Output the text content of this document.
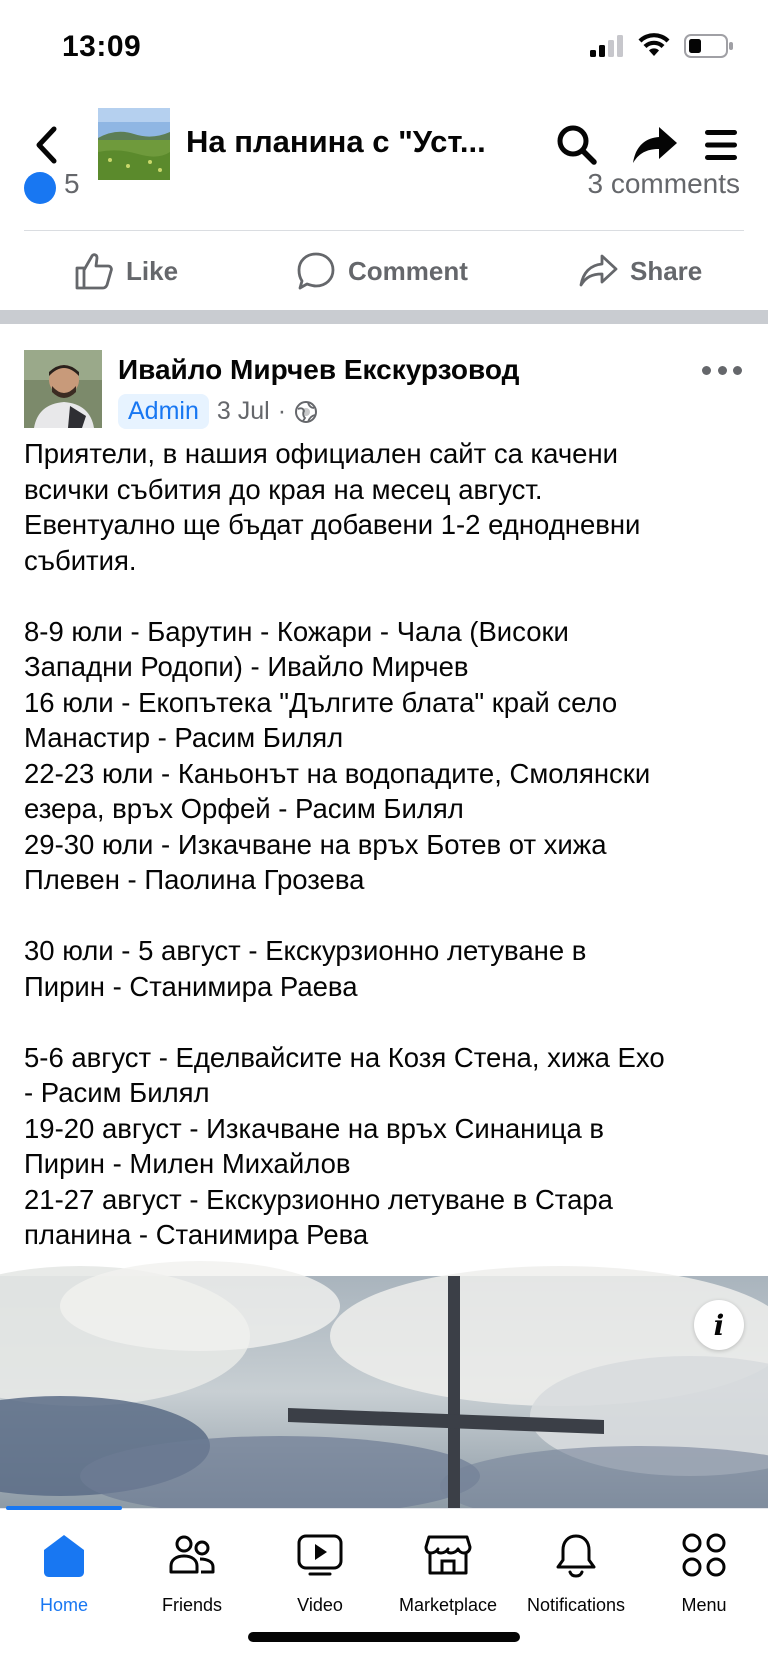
13:09
На планина с "Уст...
5	3 comments
Like	Comment	Share
Ивайло Мирчев Екскурзовод
Admin 3 Jul ·

Приятели, в нашия официален сайт са качени

всички събития до края на месец август.

Евентуално ще бъдат добавени 1-2 еднодневни

събития.

8-9 юли - Барутин - Кожари - Чала (Високи

Западни Родопи) - Ивайло Мирчев

16 юли - Екопътека "Дългите блата" край село

Манастир - Расим Билял

22-23 юли - Каньонът на водопадите, Смолянски

езера, връх Орфей - Расим Билял

29-30 юли - Изкачване на връх Ботев от хижа

Плевен - Паолина Грозева

30 юли - 5 август - Екскурзионно летуване в

Пирин - Станимира Раева

5-6 август - Еделвайсите на Козя Стена, хижа Ехо

- Расим Билял

19-20 август - Изкачване на връх Синаница в

Пирин - Милен Михайлов

21-27 август - Екскурзионно летуване в Стара

планина - Станимира Рева

i
Home	Friends	Video	Marketplace Notifications	Menu
